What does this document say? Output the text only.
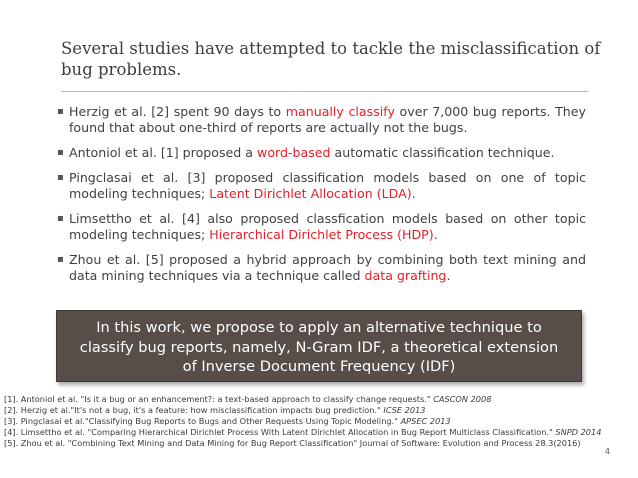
Several studies have attempted to tackle the misclassification of bug problems.
▪ Herzig et al. [2] spent 90 days to manually classify over 7,000 bug reports. They found that about one-third of reports are actually not the bugs.
▪ Antoniol et al. [1] proposed a word-based automatic classification technique.
▪ Pingclasai et al. [3] proposed classification models based on one of topic modeling techniques; Latent Dirichlet Allocation (LDA).
▪ Limsettho et al. [4] also proposed classfication models based on other topic modeling techniques; Hierarchical Dirichlet Process (HDP).
▪ Zhou et al. [5] proposed a hybrid approach by combining both text mining and data mining techniques via a technique called data grafting.
In this work, we propose to apply an alternative technique to classify bug reports, namely, N-Gram IDF, a theoretical extension of Inverse Document Frequency (IDF)
[1]. Antoniol et al. "Is it a bug or an enhancement?: a text-based approach to classify change requests." CASCON 2008
[2]. Herzig et al."It's not a bug, it's a feature: how misclassification impacts bug prediction." ICSE 2013
[3]. Pingclasai et al."Classifying Bug Reports to Bugs and Other Requests Using Topic Modeling." APSEC 2013
[4]. Limsettho et al. "Comparing Hierarchical Dirichlet Process With Latent Dirichlet Allocation in Bug Report Multiclass Classification." SNPD 2014
[5]. Zhou et al. "Combining Text Mining and Data Mining for Bug Report Classification" Journal of Software: Evolution and Process 28.3(2016)
4
